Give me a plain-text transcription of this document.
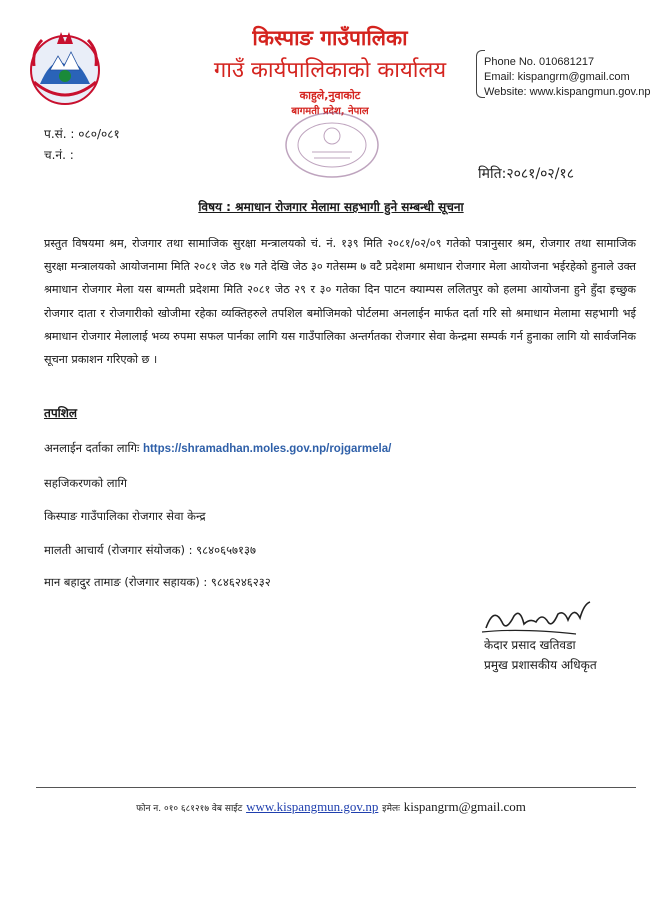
किस्पाङ गाउँपालिका
गाउँ कार्यपालिकाको कार्यालय
काहुले,नुवाकोट
बागमती प्रदेश, नेपाल
Phone No. 010681217
Email: kispangrm@gmail.com
Website: www.kispangmun.gov.np
प.सं. : ०८०/०८१
च.नं. :
मिति:२०८१/०२/१८
विषय : श्रमाधान रोजगार मेलामा सहभागी हुने सम्बन्धी सूचना
प्रस्तुत विषयमा श्रम, रोजगार तथा सामाजिक सुरक्षा मन्त्रालयको चं. नं. १३९ मिति २०८१/०२/०९ गतेको पत्रानुसार श्रम, रोजगार तथा सामाजिक सुरक्षा मन्त्रालयको आयोजनामा मिति २०८१ जेठ १७ गते देखि जेठ ३० गतेसम्म ७ वटै प्रदेशमा श्रमाधान रोजगार मेला आयोजना भईरहेको हुनाले उक्त श्रमाधान रोजगार मेला यस बाग्मती प्रदेशमा मिति २०८१ जेठ २९ र ३० गतेका दिन पाटन क्याम्पस ललितपुर को हलमा आयोजना हुने हुँदा इच्छुक रोजगार दाता र रोजगारीको खोजीमा रहेका व्यक्तिहरुले तपशिल बमोजिमको पोर्टलमा अनलाईन मार्फत दर्ता गरि सो श्रमाधान मेलामा सहभागी भई श्रमाधान रोजगार मेलालाई भव्य रुपमा सफल पार्नका लागि यस गाउँपालिका अन्तर्गतका रोजगार सेवा केन्द्रमा सम्पर्क गर्न हुनाका लागि यो सार्वजनिक सूचना प्रकाशन गरिएको छ ।
तपशिल
अनलाईन दर्ताका लागिः https://shramadhan.moles.gov.np/rojgarmela/
सहजिकरणको लागि
किस्पाङ गाउँपालिका रोजगार सेवा केन्द्र
मालती आचार्य (रोजगार संयोजक) : ९८४०६५७१३७
मान बहादुर तामाङ (रोजगार सहायक) : ९८४६२४६२३२
केदार प्रसाद खतिवडा
प्रमुख प्रशासकीय अधिकृत
फोन न. ०१० ६८१२१७ वेब साईट www.kispangmun.gov.np इमेलः kispangrm@gmail.com
